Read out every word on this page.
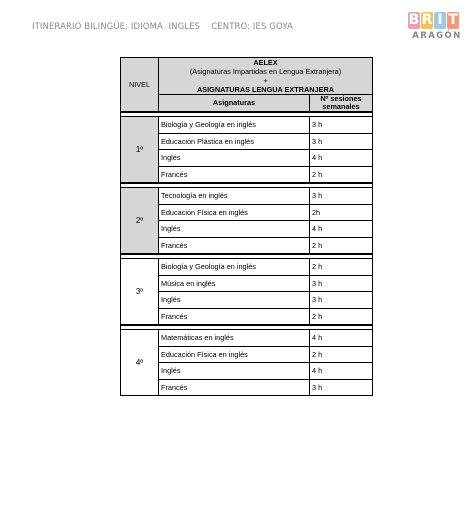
ITINERARIO BILINGÜE: IDIOMA  INGLES    CENTRO: IES GOYA	B R I T
ARAGÓN
NIVEL	AELEX
(Asignaturas Impartidas en Lengua Extranjera)
+
ASIGNATURAS LENGUA EXTRANJERA	
	Asignaturas	Nº sesiones semanales

1º	Biología y Geología en inglés	3 h
	Educación Plástica en inglés	3 h
	Inglés	4 h
	Francés	2 h

2º	Tecnología en inglés	3 h
	Educación Física en inglés	2h
	Inglés	4 h
	Francés	2 h

3º	Biología y Geología en inglés	2 h
	Música en inglés	3 h
	Inglés	3 h
	Francés	2 h

4º	Matemáticas en inglés	4 h
	Educación Física en inglés	2 h
	Inglés	4 h
	Francés	3 h
